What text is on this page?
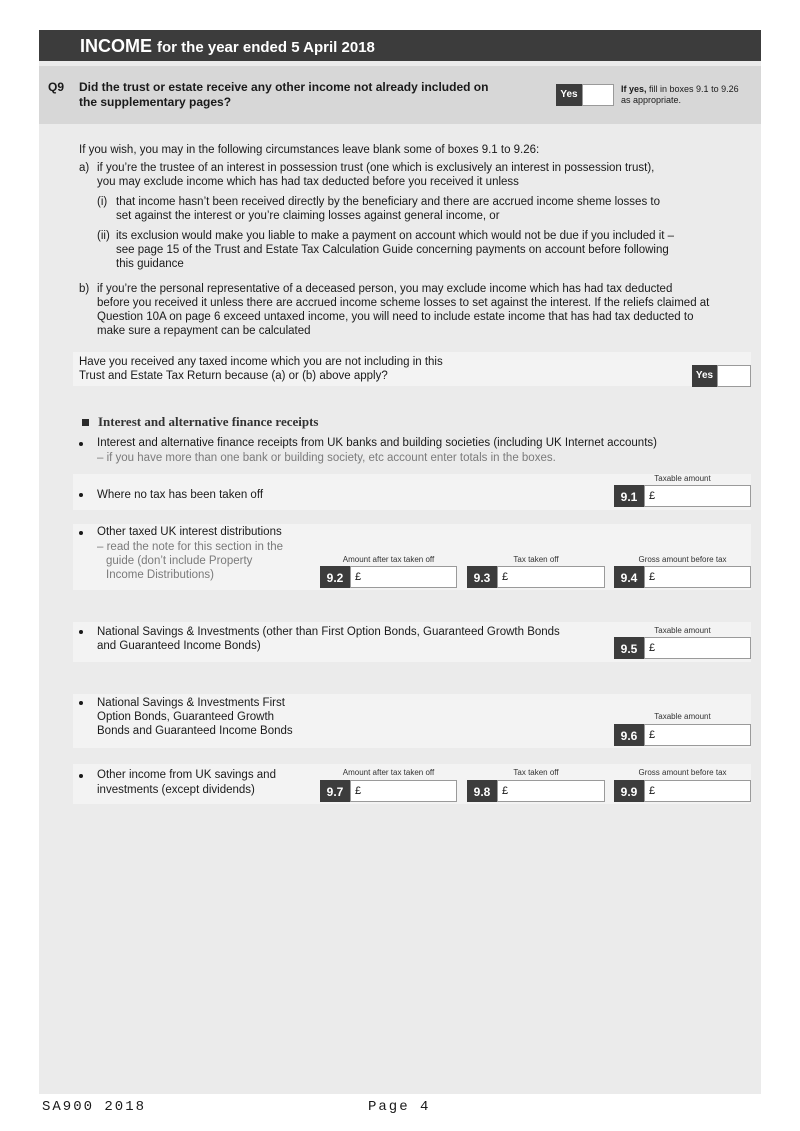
INCOME for the year ended 5 April 2018
Q9 Did the trust or estate receive any other income not already included on the supplementary pages?
Yes	If yes, fill in boxes 9.1 to 9.26 as appropriate.
If you wish, you may in the following circumstances leave blank some of boxes 9.1 to 9.26:
a) if you’re the trustee of an interest in possession trust (one which is exclusively an interest in possession trust),
you may exclude income which has had tax deducted before you received it unless
(i) that income hasn’t been received directly by the beneficiary and there are accrued income sheme losses to
set against the interest or you’re claiming losses against general income, or
(ii) its exclusion would make you liable to make a payment on account which would not be due if you included it –
see page 15 of the Trust and Estate Tax Calculation Guide concerning payments on account before following
this guidance
b) if you’re the personal representative of a deceased person, you may exclude income which has had tax deducted
before you received it unless there are accrued income scheme losses to set against the interest. If the reliefs claimed at
Question 10A on page 6 exceed untaxed income, you will need to include estate income that has had tax deducted to
make sure a repayment can be calculated
Have you received any taxed income which you are not including in this
Trust and Estate Tax Return because (a) or (b) above apply?	Yes
Interest and alternative finance receipts
Interest and alternative finance receipts from UK banks and building societies (including UK Internet accounts)
– if you have more than one bank or building society, etc account enter totals in the boxes.
Taxable amount
Where no tax has been taken off	9.1	£
Other taxed UK interest distributions
– read the note for this section in the
guide (don’t include Property
Income Distributions)
Amount after tax taken off	Tax taken off	Gross amount before tax
9.2	£	9.3	£	9.4	£
Taxable amount
National Savings & Investments (other than First Option Bonds, Guaranteed Growth Bonds
and Guaranteed Income Bonds)	9.5	£
National Savings & Investments First
Option Bonds, Guaranteed Growth
Bonds and Guaranteed Income Bonds
Taxable amount
9.6	£
Other income from UK savings and
investments (except dividends)
Amount after tax taken off	Tax taken off	Gross amount before tax
9.7	£	9.8	£	9.9	£
SA900 2018	Page 4
